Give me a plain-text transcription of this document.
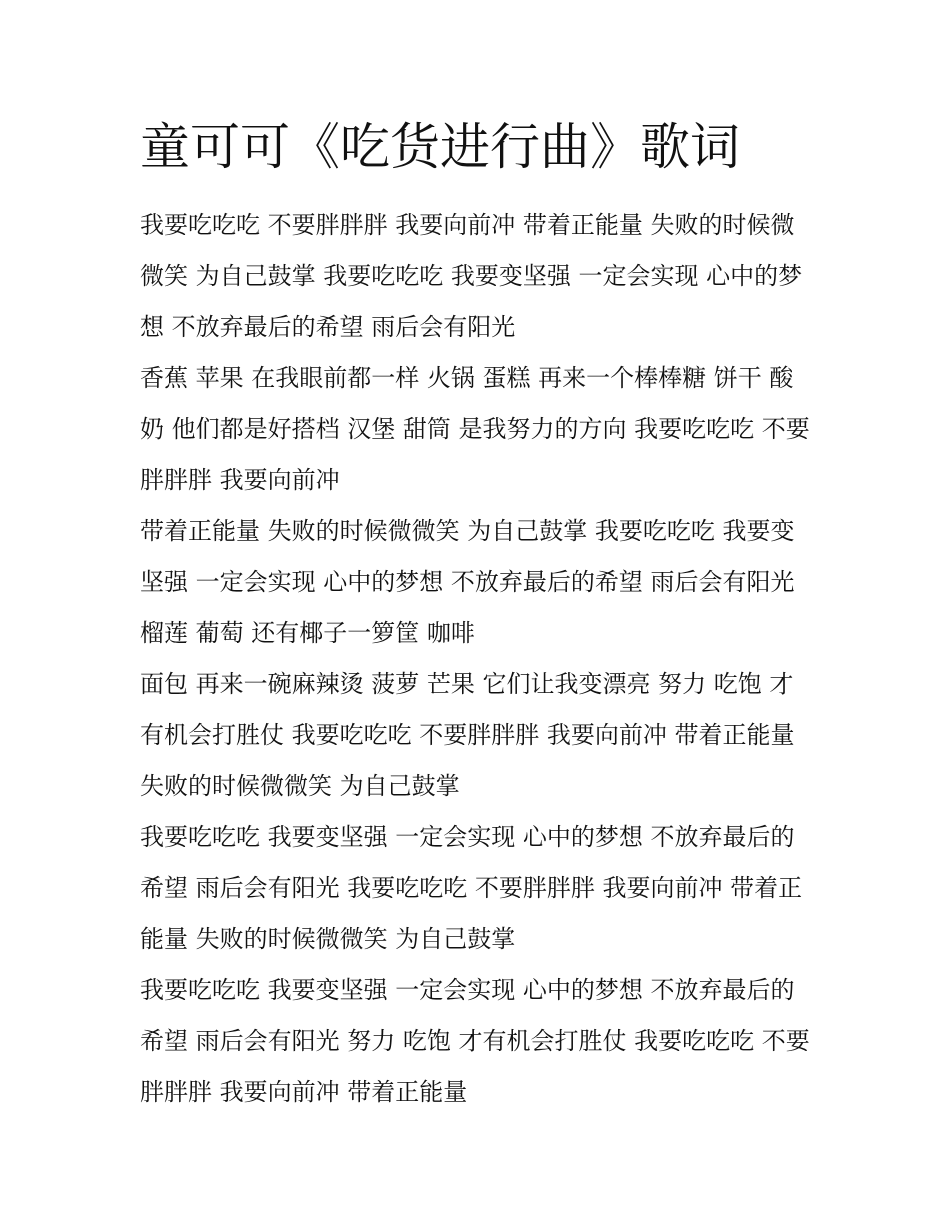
童可可《吃货进行曲》歌词

我要吃吃吃 不要胖胖胖 我要向前冲 带着正能量 失败的时候微微笑 为自己鼓掌 我要吃吃吃 我要变坚强 一定会实现 心中的梦想 不放弃最后的希望 雨后会有阳光

香蕉 苹果 在我眼前都一样 火锅 蛋糕 再来一个棒棒糖 饼干 酸奶 他们都是好搭档 汉堡 甜筒 是我努力的方向 我要吃吃吃 不要胖胖胖 我要向前冲

带着正能量 失败的时候微微笑 为自己鼓掌 我要吃吃吃 我要变坚强 一定会实现 心中的梦想 不放弃最后的希望 雨后会有阳光 榴莲 葡萄 还有椰子一箩筐 咖啡

面包 再来一碗麻辣烫 菠萝 芒果 它们让我变漂亮 努力 吃饱 才有机会打胜仗 我要吃吃吃 不要胖胖胖 我要向前冲 带着正能量 失败的时候微微笑 为自己鼓掌

我要吃吃吃 我要变坚强 一定会实现 心中的梦想 不放弃最后的希望 雨后会有阳光 我要吃吃吃 不要胖胖胖 我要向前冲 带着正能量 失败的时候微微笑 为自己鼓掌

我要吃吃吃 我要变坚强 一定会实现 心中的梦想 不放弃最后的希望 雨后会有阳光 努力 吃饱 才有机会打胜仗 我要吃吃吃 不要胖胖胖 我要向前冲 带着正能量
